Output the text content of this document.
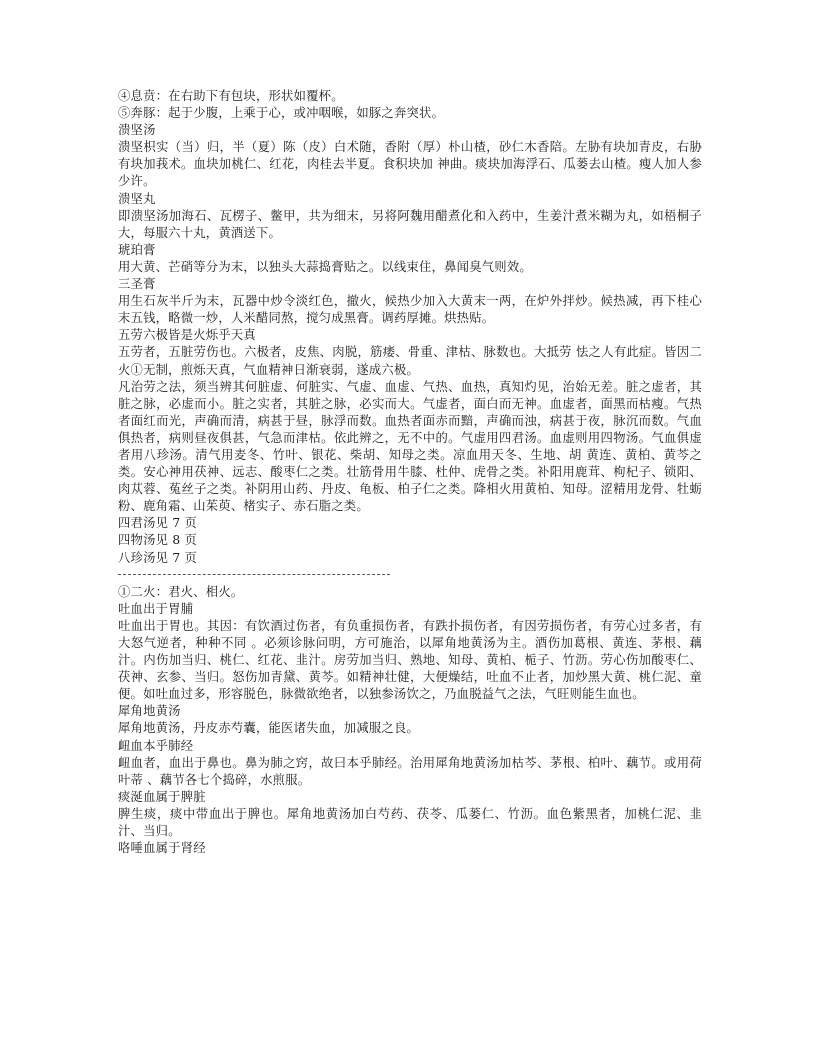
④息贲：在右助下有包块，形状如覆杯。

⑤奔豚：起于少腹，上乘于心，或冲咽喉，如豚之奔突状。

溃坚汤

溃坚枳实（当）归，半（夏）陈（皮）白术随，香附（厚）朴山楂，砂仁木香陪。左胁有块加青皮，右胁有块加莪术。血块加桃仁、红花，肉桂去半夏。食积块加 神曲。痰块加海浮石、瓜蒌去山楂。瘦人加人参少许。

溃坚丸

即溃坚汤加海石、瓦楞子、鳖甲，共为细末，另将阿魏用醋煮化和入药中，生姜汁煮米糊为丸，如梧桐子大，每服六十丸，黄酒送下。

琥珀膏

用大黄、芒硝等分为末，以独头大蒜捣膏贴之。以线束住，鼻闻臭气则效。

三圣膏

用生石灰半斤为末，瓦器中炒令淡红色，撤火，候热少加入大黄末一两，在炉外拌炒。候热减，再下桂心末五钱，略微一炒，人米醋同熬，搅匀成黑膏。调药厚摊。烘热贴。

五劳六极皆是火烁乎天真

五劳者，五脏劳伤也。六极者，皮焦、肉脱，筋痿、骨重、津枯、脉数也。大抵劳 怯之人有此症。皆因二火①无制，煎烁天真，气血精神日渐衰弱，遂成六极。

凡治劳之法，须当辨其何脏虚、何脏实、气虚、血虚、气热、血热，真知灼见，治始无差。脏之虚者，其脏之脉，必虚而小。脏之实者，其脏之脉，必实而大。气虚者，面白而无神。血虚者，面黑而枯瘦。气热者面红而光，声确而清，病甚于昼，脉浮而数。血热者面赤而黯，声确而浊，病甚于夜，脉沉而数。气血俱热者，病则昼夜俱甚，气急而津枯。依此辨之，无不中的。气虚用四君汤。血虚则用四物汤。气血俱虚者用八珍汤。清气用麦冬、竹叶、银花、柴胡、知母之类。凉血用天冬、生地、胡 黄连、黄柏、黄芩之类。安心神用茯神、远志、酸枣仁之类。壮筋骨用牛膝、杜仲、虎骨之类。补阳用鹿茸、枸杞子、锁阳、肉苁蓉、菟丝子之类。补阴用山药、丹皮、龟板、柏子仁之类。降相火用黄柏、知母。涩精用龙骨、牡蛎粉、鹿角霜、山茱萸、楮实子、赤石脂之类。

四君汤见 7 页

四物汤见 8 页

八珍汤见 7 页

①二火：君火、相火。

吐血出于胃脯

吐血出于胃也。其因：有饮酒过伤者，有负重损伤者，有跌扑损伤者，有因劳损伤者，有劳心过多者，有大怒气逆者，种种不同 。必须诊脉问明，方可施治，以犀角地黄汤为主。酒伤加葛根、黄连、茅根、藕汁。内伤加当归、桃仁、红花、韭汁。房劳加当归、熟地、知母、黄柏、栀子、竹沥。劳心伤加酸枣仁、茯神、玄参、当归。怒伤加青黛、黄芩。如精神壮健，大便燥结，吐血不止者，加炒黑大黄、桃仁泥、童便。如吐血过多，形容脱色，脉微欲绝者，以独参汤饮之，乃血脱益气之法，气旺则能生血也。

犀角地黄汤

犀角地黄汤，丹皮赤芍囊，能医诸失血，加减服之良。

衄血本乎肺经

衄血者，血出于鼻也。鼻为肺之窍，故曰本乎肺经。治用犀角地黄汤加枯芩、茅根、柏叶、藕节。或用荷叶蒂 、藕节各七个捣碎，水煎服。

痰涎血属于脾脏

脾生痰，痰中带血出于脾也。犀角地黄汤加白芍药、茯苓、瓜蒌仁、竹沥。血色紫黑者，加桃仁泥、韭汁、当归。

咯唾血属于肾经
